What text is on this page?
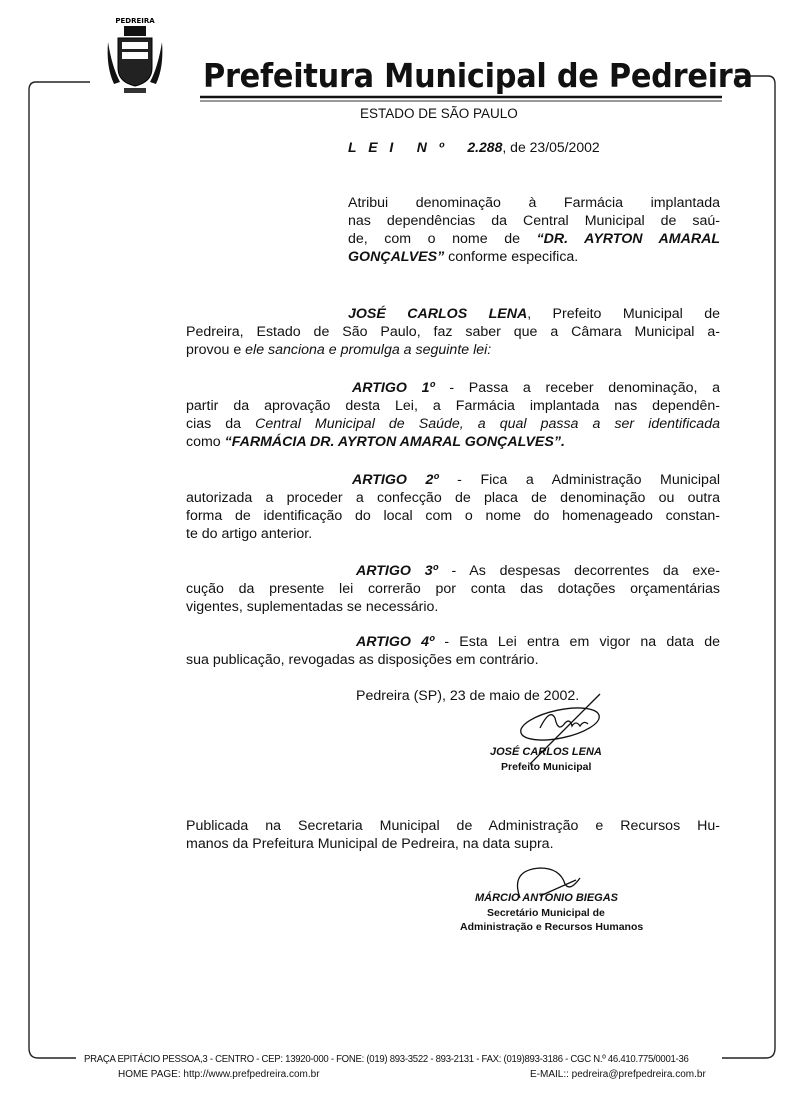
PEDREIRA
Prefeitura Municipal de Pedreira
ESTADO DE SÃO PAULO
L E I N º 2.288, de 23/05/2002
Atribui denominação à Farmácia implantada
nas dependências da Central Municipal de saú-
de, com o nome de “DR. AYRTON AMARAL
GONÇALVES” conforme especifica.
JOSÉ CARLOS LENA, Prefeito Municipal de
Pedreira, Estado de São Paulo, faz saber que a Câmara Municipal a-
provou e ele sanciona e promulga a seguinte lei:
ARTIGO 1º - Passa a receber denominação, a
partir da aprovação desta Lei, a Farmácia implantada nas dependên-
cias da Central Municipal de Saúde, a qual passa a ser identificada
como “FARMÁCIA DR. AYRTON AMARAL GONÇALVES”.
ARTIGO 2º - Fica a Administração Municipal
autorizada a proceder a confecção de placa de denominação ou outra
forma de identificação do local com o nome do homenageado constan-
te do artigo anterior.
ARTIGO 3º - As despesas decorrentes da exe-
cução da presente lei correrão por conta das dotações orçamentárias
vigentes, suplementadas se necessário.
ARTIGO 4º - Esta Lei entra em vigor na data de
sua publicação, revogadas as disposições em contrário.
Publicada na Secretaria Municipal de Administração e Recursos Hu-
manos da Prefeitura Municipal de Pedreira, na data supra.
Pedreira (SP), 23 de maio de 2002.
JOSÉ CARLOS LENA
Prefeito Municipal
MÁRCIO ANTONIO BIEGAS
Secretário Municipal de
Administração e Recursos Humanos
PRAÇA EPITÁCIO PESSOA,3 - CENTRO - CEP: 13920-000 - FONE: (019) 893-3522 - 893-2131 - FAX: (019)893-3186 - CGC N.º 46.410.775/0001-36
HOME PAGE: http://www.prefpedreira.com.br	E-MAIL:: pedreira@prefpedreira.com.br
